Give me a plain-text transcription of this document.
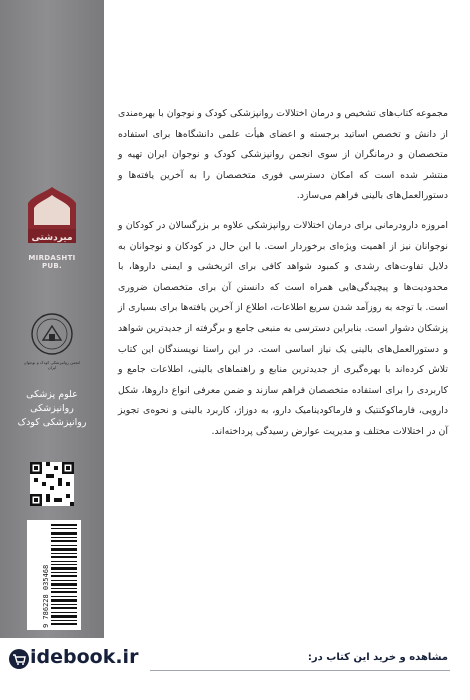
میردشتی
MIRDASHTI PUB.
انجمن روانپزشکی کودک و نوجوان ایران
علوم پزشکی
روانپزشکی
روانپزشکی کودک
9 786228 035468

مجموعه کتاب‌های تشخیص و درمان اختلالات روانپزشکی کودک و نوجوان با بهره‌مندی از دانش و تخصص اساتید برجسته و اعضای هیأت علمی دانشگاه‌ها برای استفاده متخصصان و درمانگران از سوی انجمن روانپزشکی کودک و نوجوان ایران تهیه و منتشر شده است که امکان دسترسی فوری متخصصان را به آخرین یافته‌ها و دستورالعمل‌های بالینی فراهم می‌سازد.

امروزه دارودرمانی برای درمان اختلالات روانپزشکی علاوه بر بزرگسالان در کودکان و نوجوانان نیز از اهمیت ویژه‌ای برخوردار است. با این حال در کودکان و نوجوانان به دلایل تفاوت‌های رشدی و کمبود شواهد کافی برای اثربخشی و ایمنی داروها، با محدودیت‌ها و پیچیدگی‌هایی همراه است که دانستن آن برای متخصصان ضروری است. با توجه به روزآمد شدن سریع اطلاعات، اطلاع از آخرین یافته‌ها برای بسیاری از پزشکان دشوار است. بنابراین دسترسی به منبعی جامع و برگرفته از جدیدترین شواهد و دستورالعمل‌های بالینی یک نیاز اساسی است. در این راستا نویسندگان این کتاب تلاش کرده‌اند با بهره‌گیری از جدیدترین منابع و راهنماهای بالینی، اطلاعات جامع و کاربردی را برای استفاده متخصصان فراهم سازند و ضمن معرفی انواع داروها، شکل دارویی، فارماکوکنتیک و فارماکودینامیک دارو، به دوزاژ، کاربرد بالینی و نحوه‌ی تجویز آن در اختلالات مختلف و مدیریت عوارض رسیدگی پرداخته‌اند.

idebook.ir	مشاهده و خرید این کتاب در:
